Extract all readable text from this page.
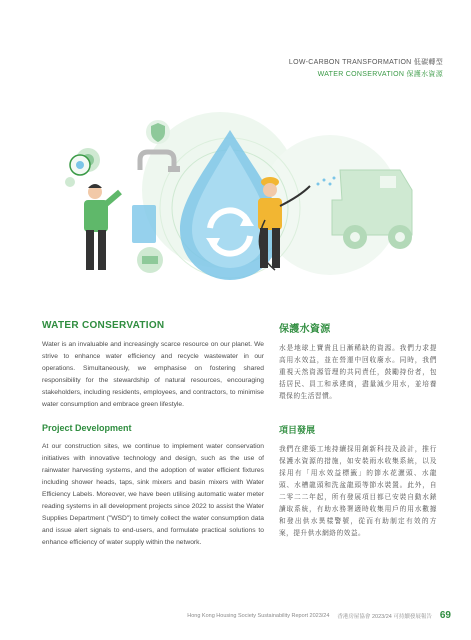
LOW-CARBON TRANSFORMATION 低碳轉型
WATER CONSERVATION 保護水資源
WATER CONSERVATION

Water is an invaluable and increasingly scarce resource on our planet. We strive to enhance water efficiency and recycle wastewater in our operations. Simultaneously, we emphasise on fostering shared responsibility for the stewardship of natural resources, encouraging stakeholders, including residents, employees, and contractors, to minimise water consumption and embrace green lifestyle.

保護水資源

水是地球上寶貴且日漸稀缺的資源。我們力求提高用水效益，並在營運中回收廢水。同時，我們重視天然資源管理的共同責任，鼓勵持份者，包括居民、員工和承建商，盡量減少用水，並培養環保的生活習慣。

Project Development

At our construction sites, we continue to implement water conservation initiatives with innovative technology and design, such as the use of rainwater harvesting systems, and the adoption of water efficient fixtures including shower heads, taps, sink mixers and basin mixers with Water Efficiency Labels. Moreover, we have been utilising automatic water meter reading systems in all development projects since 2022 to assist the Water Supplies Department ("WSD") to timely collect the water consumption data and issue alert signals to end-users, and formulate practical solutions to enhance efficiency of water supply within the network.

項目發展

我們在建築工地持續採用創新科技及設計，推行保護水資源的措施，如安裝雨水收集系統，以及採用有「用水效益標籤」的節水花灑頭、水龍頭、水槽龍頭和洗盆龍頭等節水裝置。此外，自二零二二年起，所有發展項目都已安裝自動水錶讀取系統，有助水務署適時收集用戶的用水數據和發出供水異樣警號，從而有助制定有效的方案，提升供水網絡的效益。

Hong Kong Housing Society Sustainability Report 2023/24 香港房屋協會 2023/24 可持續發展報告 69
